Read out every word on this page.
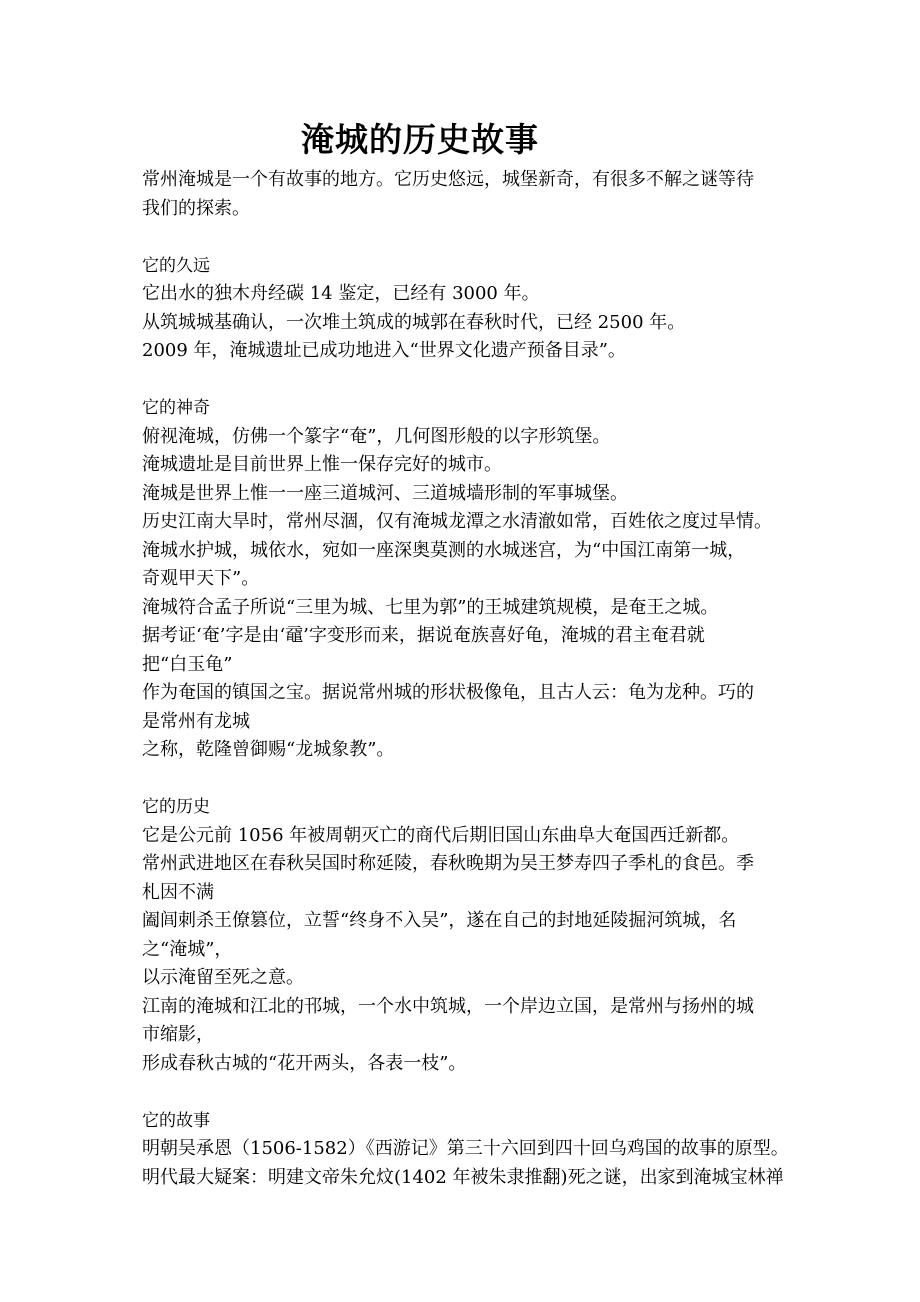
淹城的历史故事
常州淹城是一个有故事的地方。它历史悠远，城堡新奇，有很多不解之谜等待
我们的探索。
它的久远
它出水的独木舟经碳 14 鉴定，已经有 3000 年。
从筑城城基确认，一次堆土筑成的城郭在春秋时代，已经 2500 年。
2009 年，淹城遗址已成功地进入“世界文化遗产预备目录”。
它的神奇
俯视淹城，仿佛一个篆字“奄”，几何图形般的以字形筑堡。
淹城遗址是目前世界上惟一保存完好的城市。
淹城是世界上惟一一座三道城河、三道城墙形制的军事城堡。
历史江南大旱时，常州尽涸，仅有淹城龙潭之水清澈如常，百姓依之度过旱情。
淹城水护城，城依水，宛如一座深奥莫测的水城迷宫，为“中国江南第一城，
奇观甲天下”。
淹城符合孟子所说“三里为城、七里为郭”的王城建筑规模，是奄王之城。
据考证‘奄’字是由‘黿’字变形而来，据说奄族喜好龟，淹城的君主奄君就
把“白玉龟”
作为奄国的镇国之宝。据说常州城的形状极像龟，且古人云：龟为龙种。巧的
是常州有龙城
之称，乾隆曾御赐“龙城象教”。
它的历史
它是公元前 1056 年被周朝灭亡的商代后期旧国山东曲阜大奄国西迁新都。
常州武进地区在春秋吴国时称延陵，春秋晚期为吴王梦寿四子季札的食邑。季
札因不满
阖闾刺杀王僚篡位，立誓“终身不入吴”，遂在自己的封地延陵掘河筑城，名
之“淹城”，
以示淹留至死之意。
江南的淹城和江北的邗城，一个水中筑城，一个岸边立国，是常州与扬州的城
市缩影，
形成春秋古城的“花开两头，各表一枝”。
它的故事
明朝吴承恩（1506-1582）《西游记》第三十六回到四十回乌鸡国的故事的原型。
明代最大疑案：明建文帝朱允炆(1402 年被朱隶推翻)死之谜，出家到淹城宝林禅
